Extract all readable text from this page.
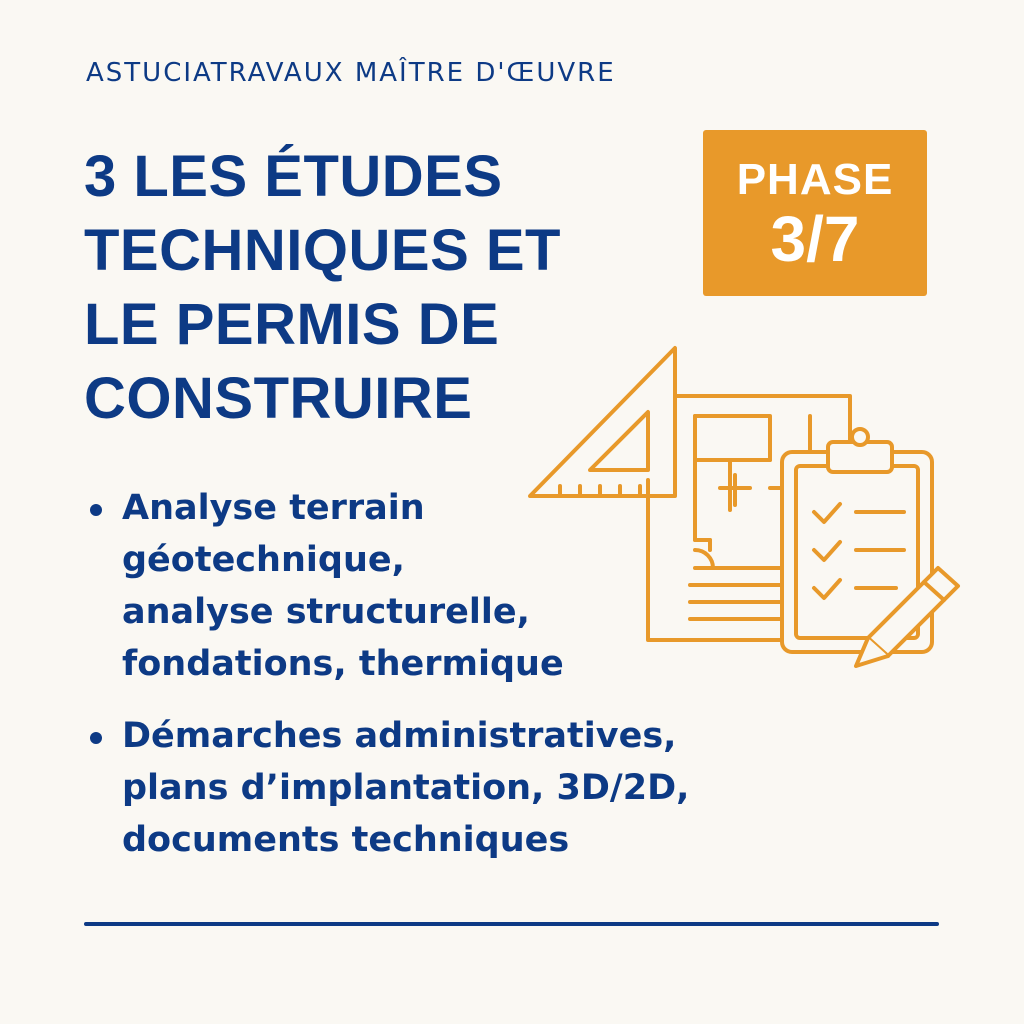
ASTUCIATRAVAUX MAÎTRE D'ŒUVRE
3 LES ÉTUDES
TECHNIQUES ET
LE PERMIS DE
CONSTRUIRE
PHASE
3/7
Analyse terrain
géotechnique,
analyse structurelle,
fondations, thermique
Démarches administratives,
plans d’implantation, 3D/2D,
documents techniques
